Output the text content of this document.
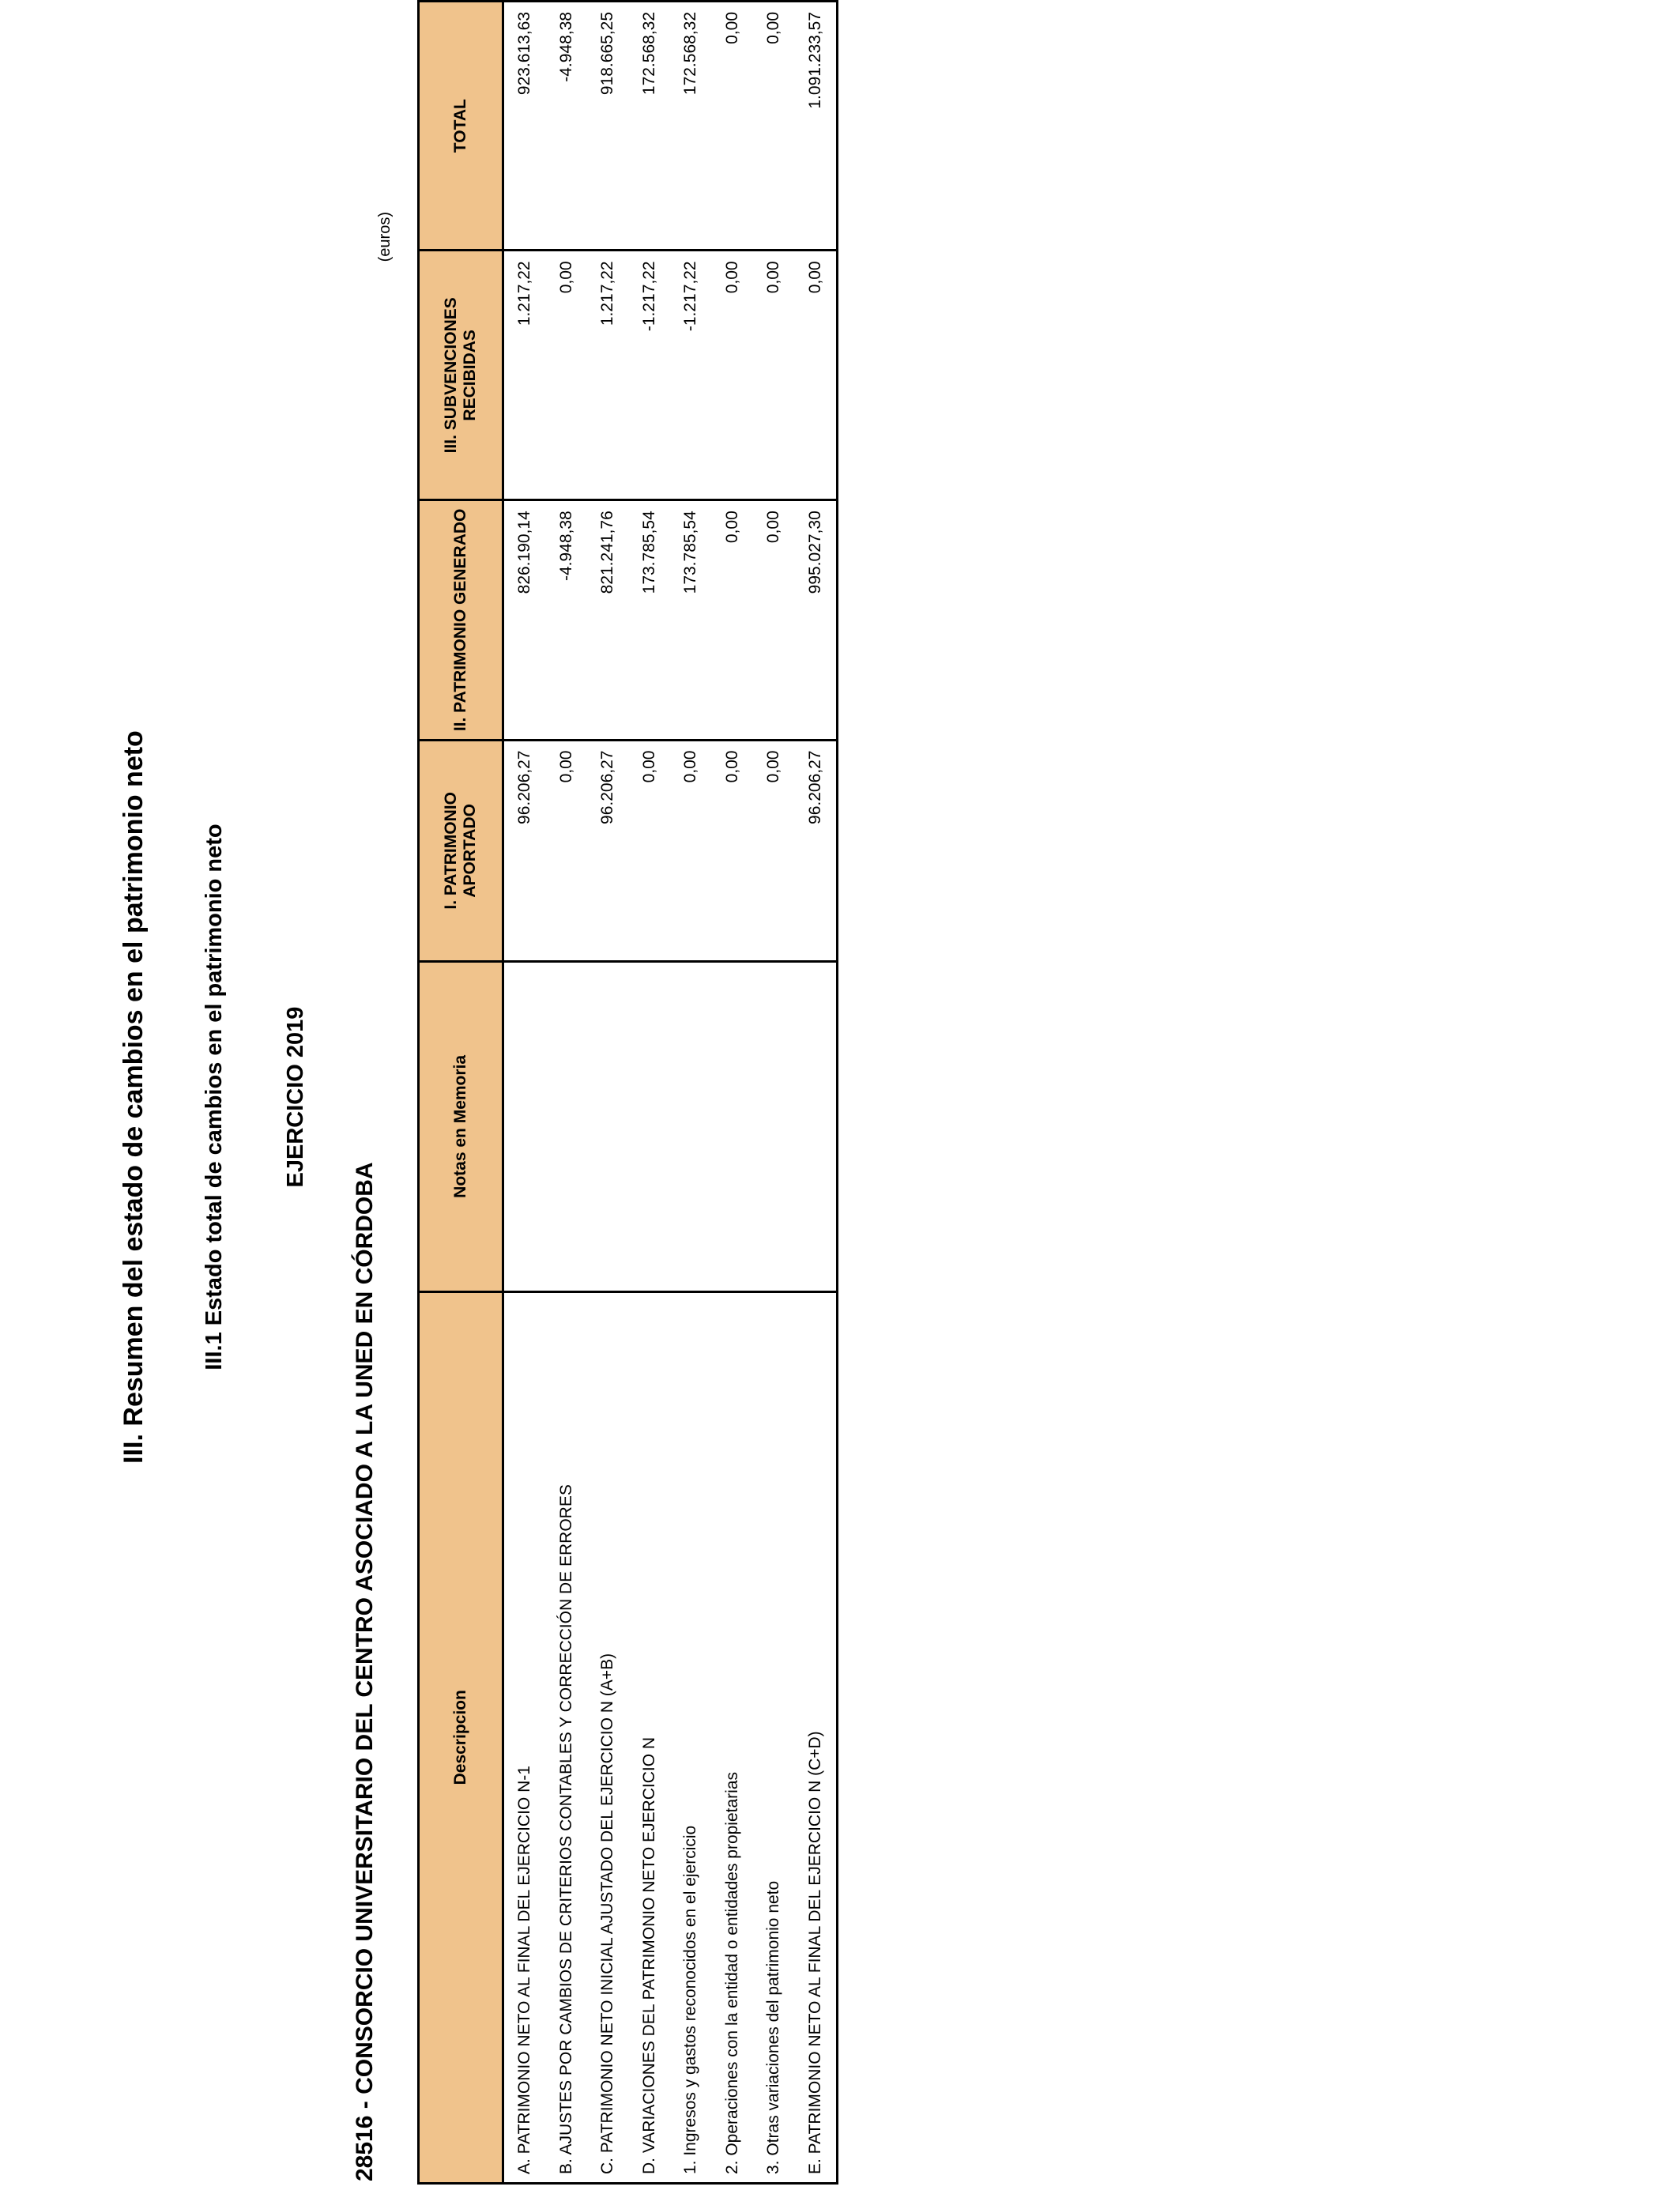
III. Resumen del estado de cambios en el patrimonio neto III.1 Estado total de cambios en el patrimonio neto EJERCICIO 2019
28516 - CONSORCIO UNIVERSITARIO DEL CENTRO ASOCIADO A LA UNED EN CÓRDOBA
(euros)
Descripcion	Notas en Memoria	I. PATRIMONIO APORTADO	II. PATRIMONIO GENERADO	III. SUBVENCIONES RECIBIDAS	TOTAL
A. PATRIMONIO NETO AL FINAL DEL EJERCICIO N-1		96.206,27	826.190,14	1.217,22	923.613,63
B. AJUSTES POR CAMBIOS DE CRITERIOS CONTABLES Y CORRECCIÓN DE ERRORES		0,00	-4.948,38	0,00	-4.948,38
C. PATRIMONIO NETO INICIAL AJUSTADO DEL EJERCICIO N (A+B)		96.206,27	821.241,76	1.217,22	918.665,25
D. VARIACIONES DEL PATRIMONIO NETO EJERCICIO N		0,00	173.785,54	-1.217,22	172.568,32
1. Ingresos y gastos reconocidos en el ejercicio		0,00	173.785,54	-1.217,22	172.568,32
2. Operaciones con la entidad o entidades propietarias		0,00	0,00	0,00	0,00
3. Otras variaciones del patrimonio neto		0,00	0,00	0,00	0,00
E. PATRIMONIO NETO AL FINAL DEL EJERCICIO N (C+D)		96.206,27	995.027,30	0,00	1.091.233,57
